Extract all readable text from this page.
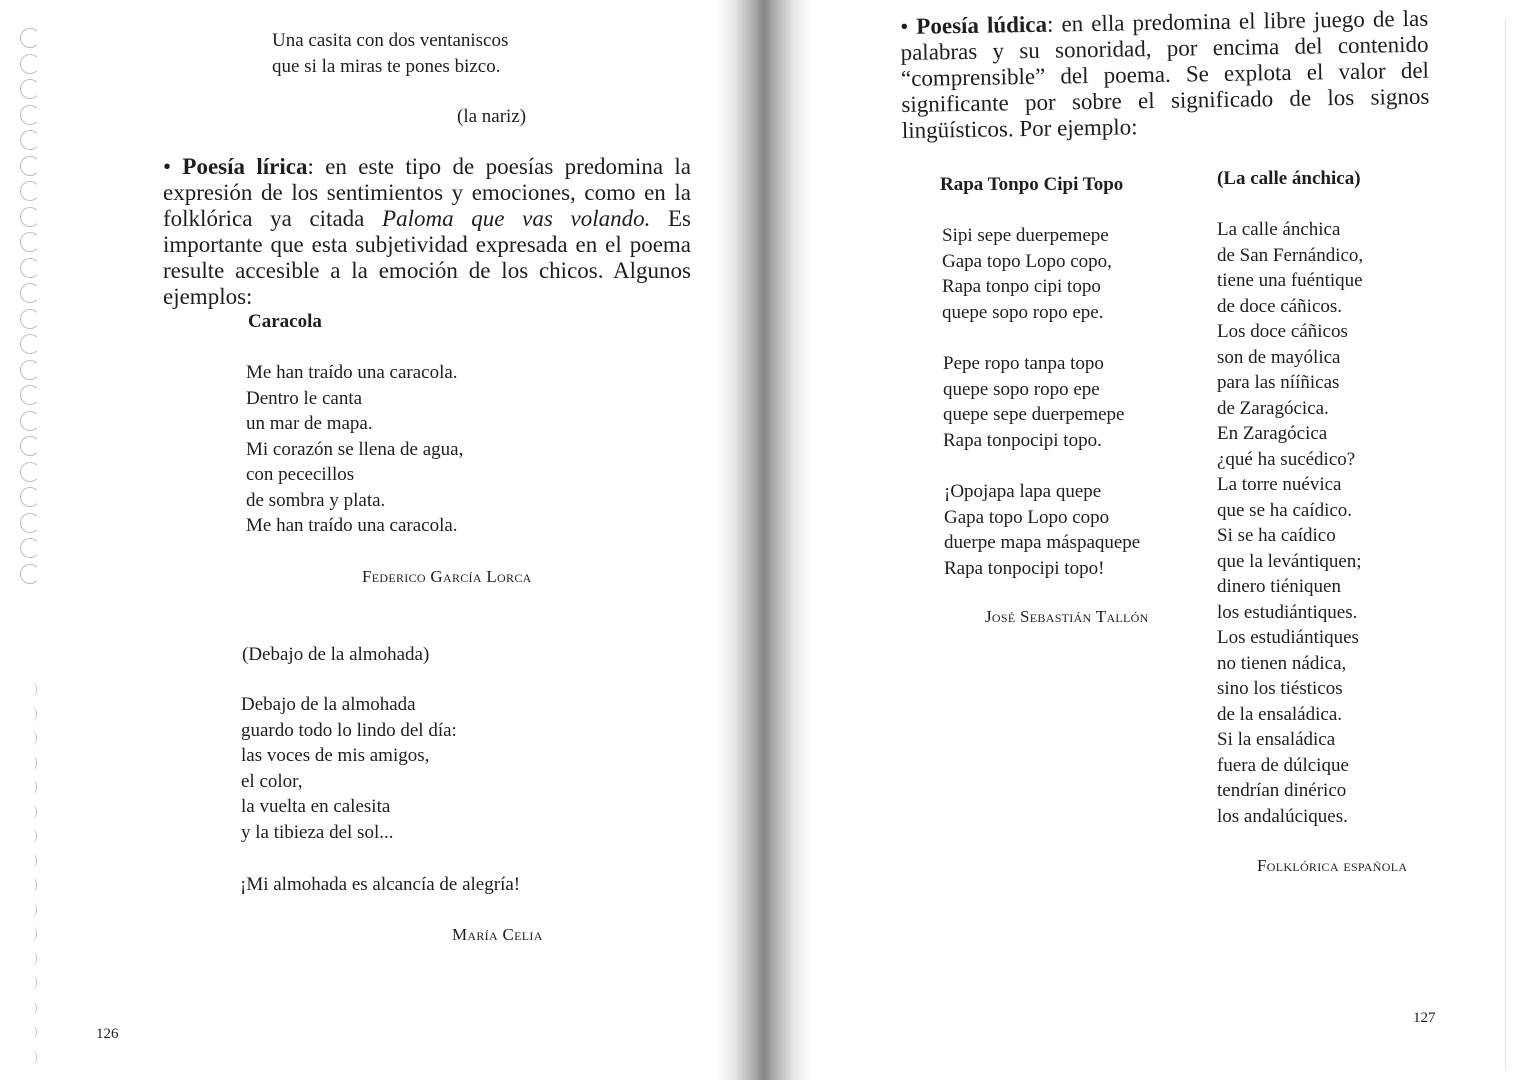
Una casita con dos ventaniscos
que si la miras te pones bizco.
(la nariz)
• Poesía lírica: en este tipo de poesías predomina la expresión de los sentimientos y emociones, como en la folklórica ya citada Paloma que vas volando. Es importante que esta subjetividad expresada en el poema resulte accesible a la emoción de los chicos. Algunos ejemplos:
Caracola
Me han traído una caracola.
Dentro le canta
un mar de mapa.
Mi corazón se llena de agua,
con pececillos
de sombra y plata.
Me han traído una caracola.
Federico García Lorca
(Debajo de la almohada)
Debajo de la almohada
guardo todo lo lindo del día:
las voces de mis amigos,
el color,
la vuelta en calesita
y la tibieza del sol...
¡Mi almohada es alcancía de alegría!
María Celia
126
• Poesía lúdica: en ella predomina el libre juego de las palabras y su sonoridad, por encima del contenido “comprensible” del poema. Se explota el valor del significante por sobre el significado de los signos lingüísticos. Por ejemplo:
Rapa Tonpo Cipi Topo
Sipi sepe duerpemepe
Gapa topo Lopo copo,
Rapa tonpo cipi topo
quepe sopo ropo epe.
Pepe ropo tanpa topo
quepe sopo ropo epe
quepe sepe duerpemepe
Rapa tonpocipi topo.
¡Opojapa lapa quepe
Gapa topo Lopo copo
duerpe mapa máspaquepe
Rapa tonpocipi topo!
José Sebastián Tallón
(La calle ánchica)
La calle ánchica
de San Fernándico,
tiene una fuéntique
de doce cáñicos.
Los doce cáñicos
son de mayólica
para las nííñicas
de Zaragócica.
En Zaragócica
¿qué ha sucédico?
La torre nuévica
que se ha caídico.
Si se ha caídico
que la levántiquen;
dinero tiéniquen
los estudiántiques.
Los estudiántiques
no tienen nádica,
sino los tiésticos
de la ensaládica.
Si la ensaládica
fuera de dúlcique
tendrían dinérico
los andalúciques.
Folklórica española
127
